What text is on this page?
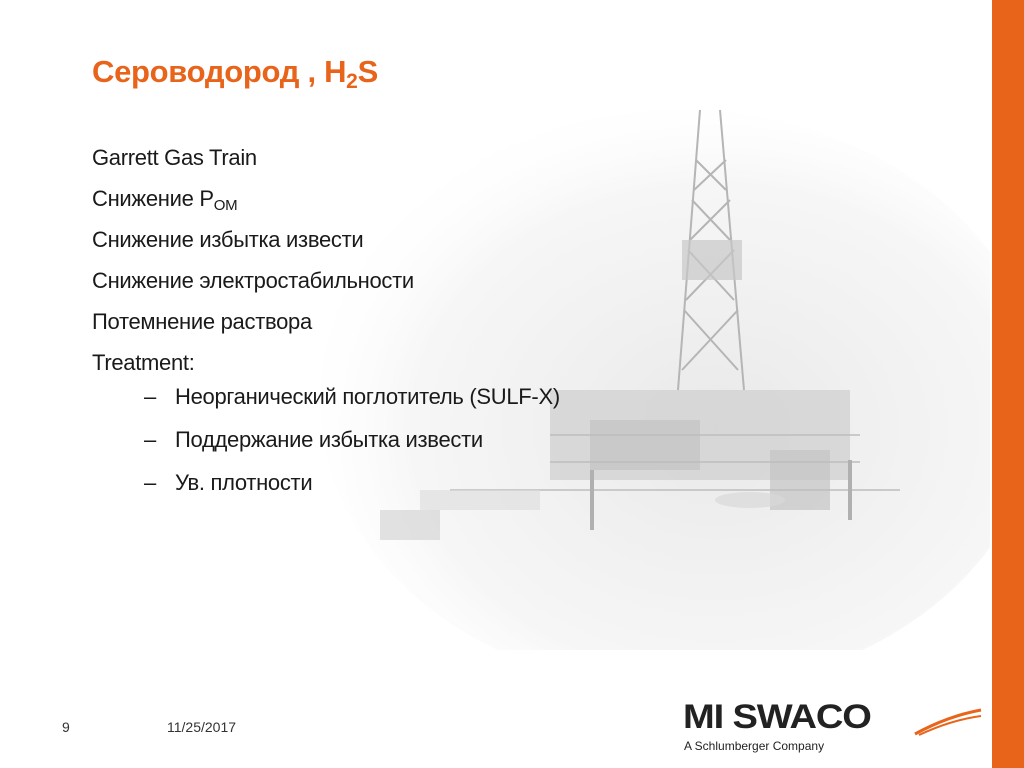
Сероводород , $H_2S$
Garrett Gas Train
Снижение $P_{OM}$
Снижение избытка извести
Снижение электростабильности
Потемнение раствора
Treatment:
– Неорганический поглотитель (SULF-X)
– Поддержание избытка извести
– Ув. плотности
9	11/25/2017	MI SWACO
A Schlumberger Company
